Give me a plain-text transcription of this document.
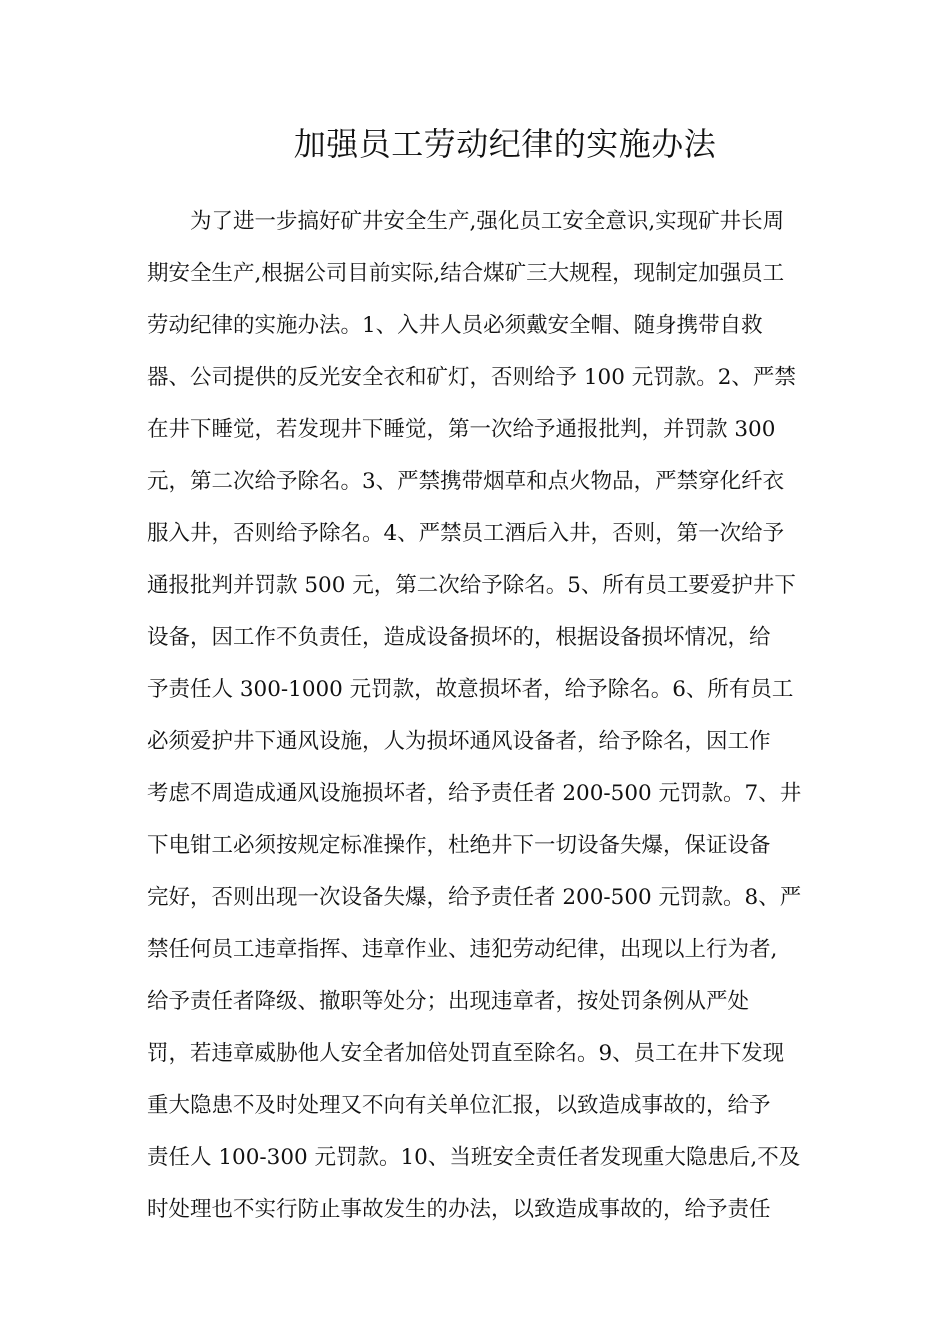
加强员工劳动纪律的实施办法
为了进一步搞好矿井安全生产,强化员工安全意识,实现矿井长周
期安全生产,根据公司目前实际,结合煤矿三大规程，现制定加强员工
劳动纪律的实施办法。1、入井人员必须戴安全帽、随身携带自救
器、公司提供的反光安全衣和矿灯，否则给予 100 元罚款。2、严禁
在井下睡觉，若发现井下睡觉，第一次给予通报批判，并罚款 300
元，第二次给予除名。3、严禁携带烟草和点火物品，严禁穿化纤衣
服入井，否则给予除名。4、严禁员工酒后入井，否则，第一次给予
通报批判并罚款 500 元，第二次给予除名。5、所有员工要爱护井下
设备，因工作不负责任，造成设备损坏的，根据设备损坏情况，给
予责任人 300-1000 元罚款，故意损坏者，给予除名。6、所有员工
必须爱护井下通风设施，人为损坏通风设备者，给予除名，因工作
考虑不周造成通风设施损坏者，给予责任者 200-500 元罚款。7、井
下电钳工必须按规定标准操作，杜绝井下一切设备失爆，保证设备
完好，否则出现一次设备失爆，给予责任者 200-500 元罚款。8、严
禁任何员工违章指挥、违章作业、违犯劳动纪律，出现以上行为者,
给予责任者降级、撤职等处分；出现违章者，按处罚条例从严处
罚，若违章威胁他人安全者加倍处罚直至除名。9、员工在井下发现
重大隐患不及时处理又不向有关单位汇报，以致造成事故的，给予
责任人 100-300 元罚款。10、当班安全责任者发现重大隐患后,不及
时处理也不实行防止事故发生的办法，以致造成事故的，给予责任
